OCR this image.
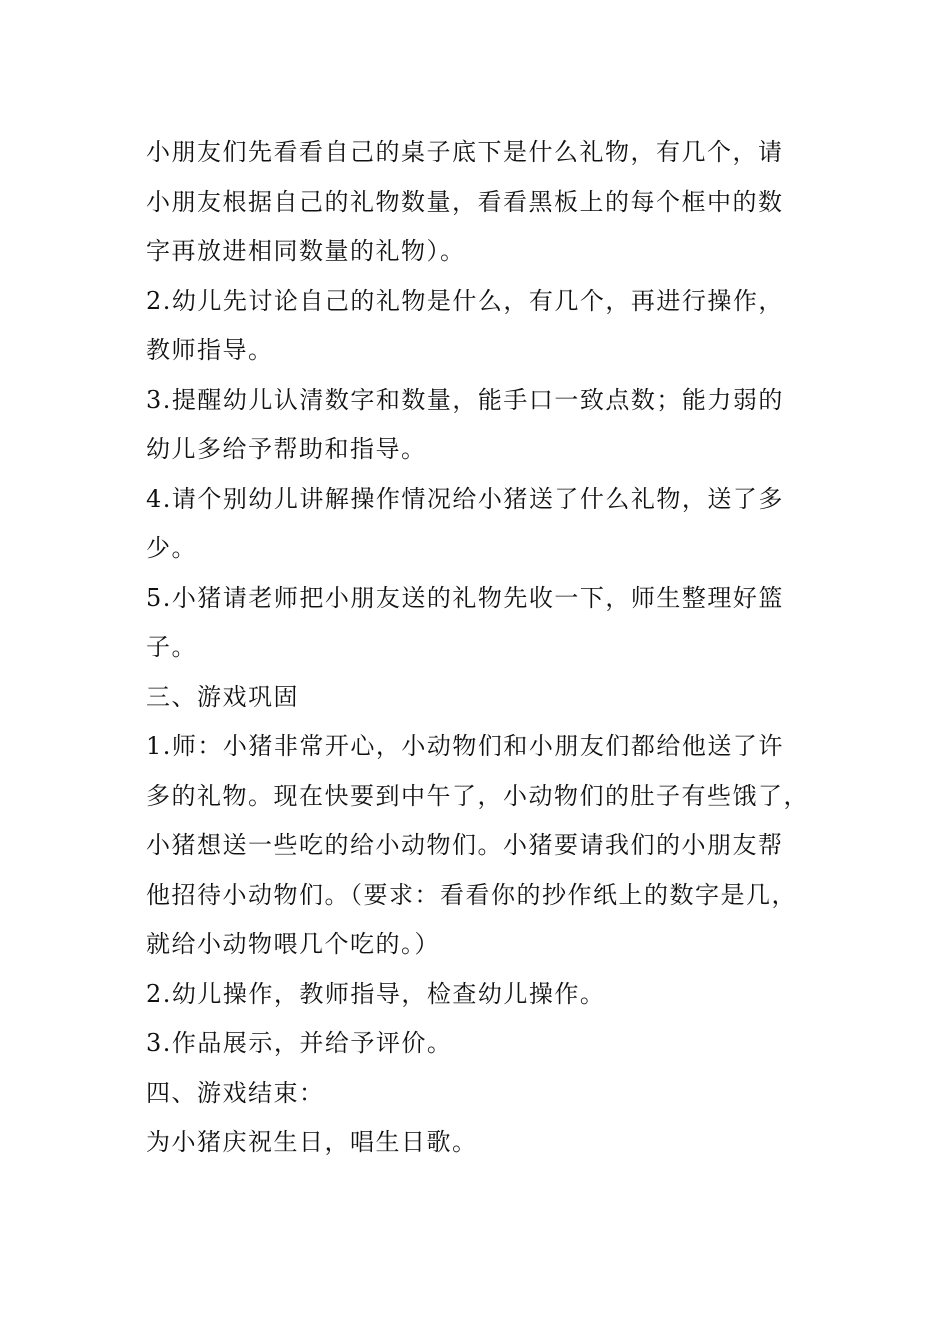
小朋友们先看看自己的桌子底下是什么礼物，有几个，请
小朋友根据自己的礼物数量，看看黑板上的每个框中的数
字再放进相同数量的礼物）。
2.幼儿先讨论自己的礼物是什么，有几个，再进行操作，
教师指导。
3.提醒幼儿认清数字和数量，能手口一致点数；能力弱的
幼儿多给予帮助和指导。
4.请个别幼儿讲解操作情况给小猪送了什么礼物，送了多
少。
5.小猪请老师把小朋友送的礼物先收一下，师生整理好篮
子。
三、游戏巩固
1.师：小猪非常开心，小动物们和小朋友们都给他送了许
多的礼物。现在快要到中午了，小动物们的肚子有些饿了，
小猪想送一些吃的给小动物们。小猪要请我们的小朋友帮
他招待小动物们。（要求：看看你的抄作纸上的数字是几，
就给小动物喂几个吃的。）
2.幼儿操作，教师指导，检查幼儿操作。
3.作品展示，并给予评价。
四、游戏结束：
为小猪庆祝生日，唱生日歌。
